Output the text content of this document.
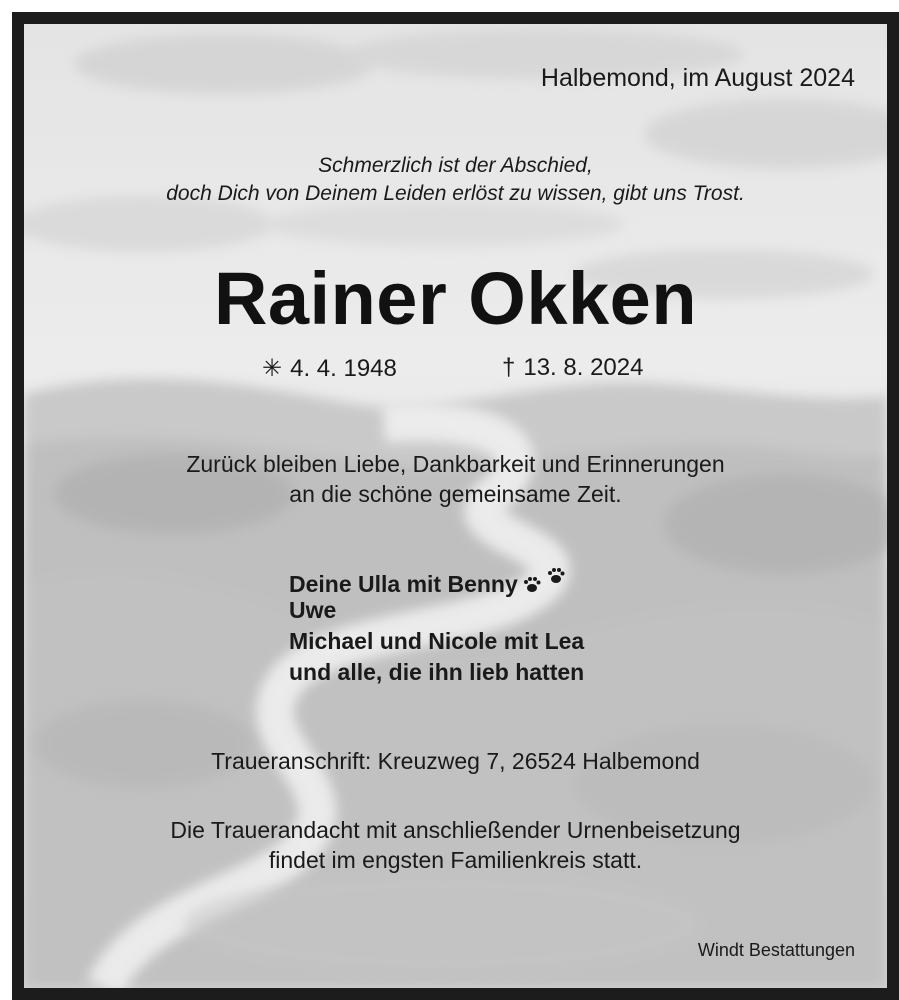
Halbemond, im August 2024

Schmerzlich ist der Abschied,

doch Dich von Deinem Leiden erlöst zu wissen, gibt uns Trost.

Rainer Okken

✳ 4. 4. 1948	† 13. 8. 2024

Zurück bleiben Liebe, Dankbarkeit und Erinnerungen

an die schöne gemeinsame Zeit.

Deine Ulla mit Benny

Uwe

Michael und Nicole mit Lea

und alle, die ihn lieb hatten

Traueranschrift: Kreuzweg 7, 26524 Halbemond

Die Trauerandacht mit anschließender Urnenbeisetzung

findet im engsten Familienkreis statt.

Windt Bestattungen
